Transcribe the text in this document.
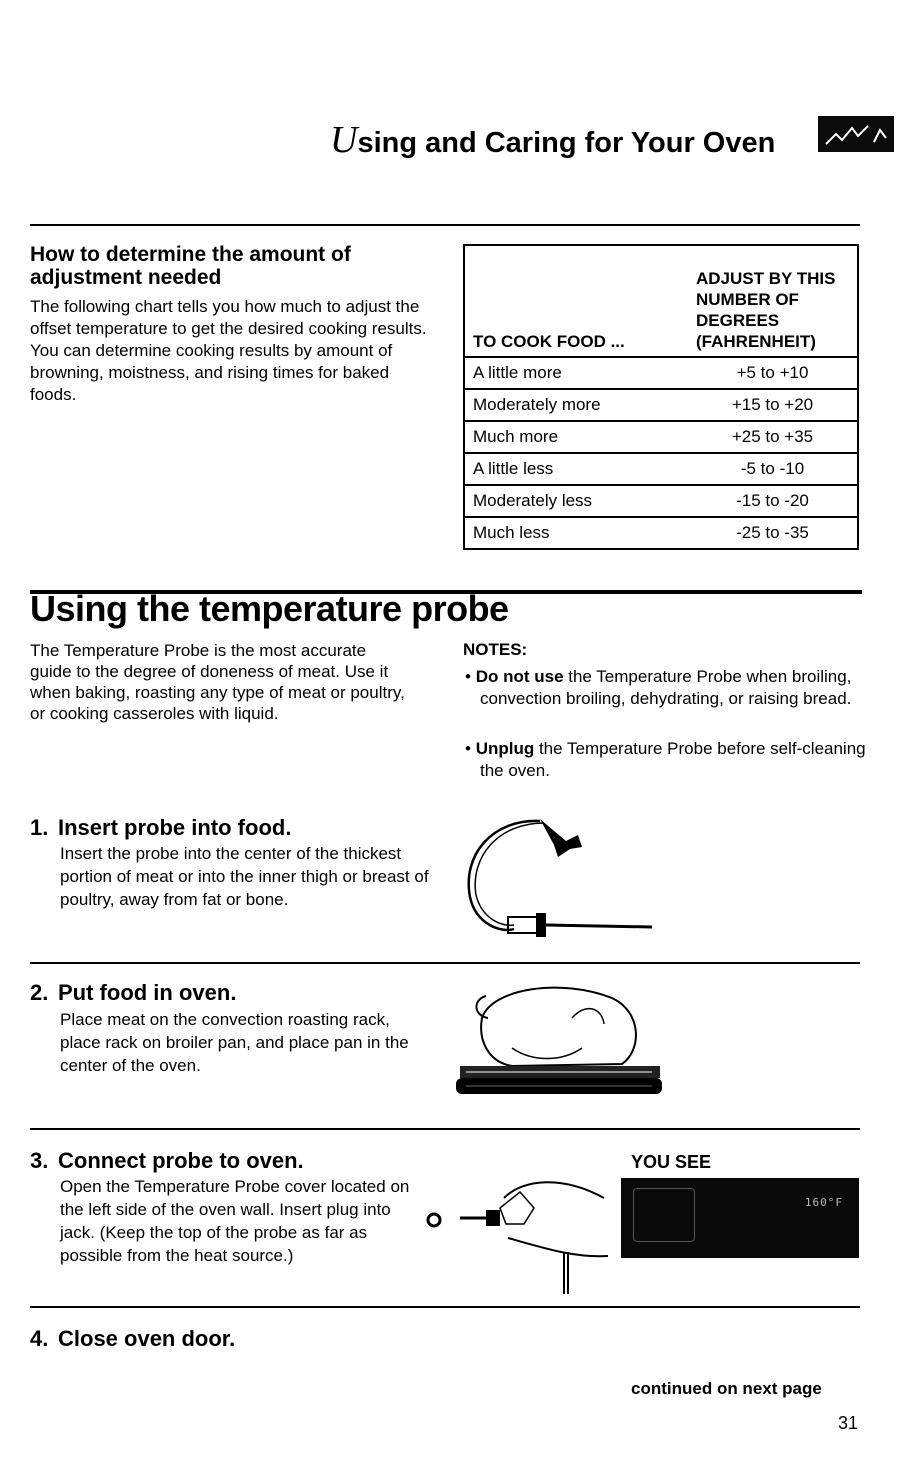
Using and Caring for Your Oven
How to determine the amount of adjustment needed
The following chart tells you how much to adjust the offset temperature to get the desired cooking results. You can determine cooking results by amount of browning, moistness, and rising times for baked foods.
TO COOK FOOD ...	ADJUST BY THIS NUMBER OF DEGREES (FAHRENHEIT)
A little more	+5 to +10
Moderately more	+15 to +20
Much more	+25 to +35
A little less	-5 to -10
Moderately less	-15 to -20
Much less	-25 to -35
Using the temperature probe
The Temperature Probe is the most accurate guide to the degree of doneness of meat. Use it when baking, roasting any type of meat or poultry, or cooking casseroles with liquid.
NOTES:
• Do not use the Temperature Probe when broiling, convection broiling, dehydrating, or raising bread.
• Unplug the Temperature Probe before self-cleaning the oven.
1. Insert probe into food.
Insert the probe into the center of the thickest portion of meat or into the inner thigh or breast of poultry, away from fat or bone.
2. Put food in oven.
Place meat on the convection roasting rack, place rack on broiler pan, and place pan in the center of the oven.
3. Connect probe to oven.
Open the Temperature Probe cover located on the left side of the oven wall. Insert plug into jack. (Keep the top of the probe as far as possible from the heat source.)
YOU SEE
160°F
4. Close oven door.
continued on next page
31
